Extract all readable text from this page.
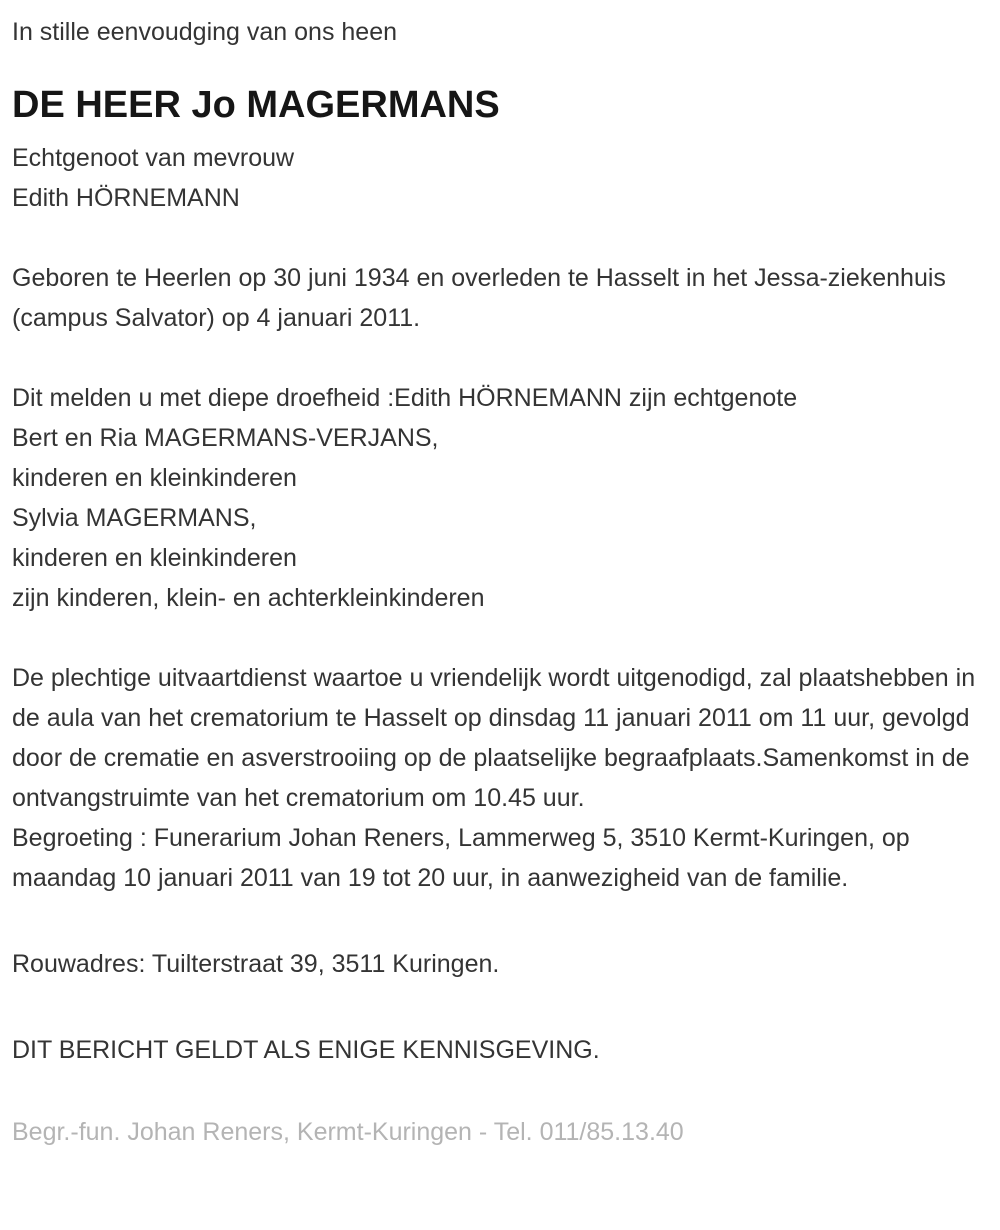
In stille eenvoudging van ons heen

DE HEER Jo MAGERMANS

Echtgenoot van mevrouw

Edith HÖRNEMANN

Geboren te Heerlen op 30 juni 1934 en overleden te Hasselt in het Jessa-ziekenhuis (campus Salvator) op 4 januari 2011.

Dit melden u met diepe droefheid :Edith HÖRNEMANN zijn echtgenote

Bert en Ria MAGERMANS-VERJANS,

kinderen en kleinkinderen

Sylvia MAGERMANS,

kinderen en kleinkinderen

zijn kinderen, klein- en achterkleinkinderen

De plechtige uitvaartdienst waartoe u vriendelijk wordt uitgenodigd, zal plaatshebben in de aula van het crematorium te Hasselt op dinsdag 11 januari 2011 om 11 uur, gevolgd door de crematie en asverstrooiing op de plaatselijke begraafplaats.Samenkomst in de ontvangstruimte van het crematorium om 10.45 uur.

Begroeting : Funerarium Johan Reners, Lammerweg 5, 3510 Kermt-Kuringen, op maandag 10 januari 2011 van 19 tot 20 uur, in aanwezigheid van de familie.

Rouwadres: Tuilterstraat 39, 3511 Kuringen.

DIT BERICHT GELDT ALS ENIGE KENNISGEVING.

Begr.-fun. Johan Reners, Kermt-Kuringen - Tel. 011/85.13.40
